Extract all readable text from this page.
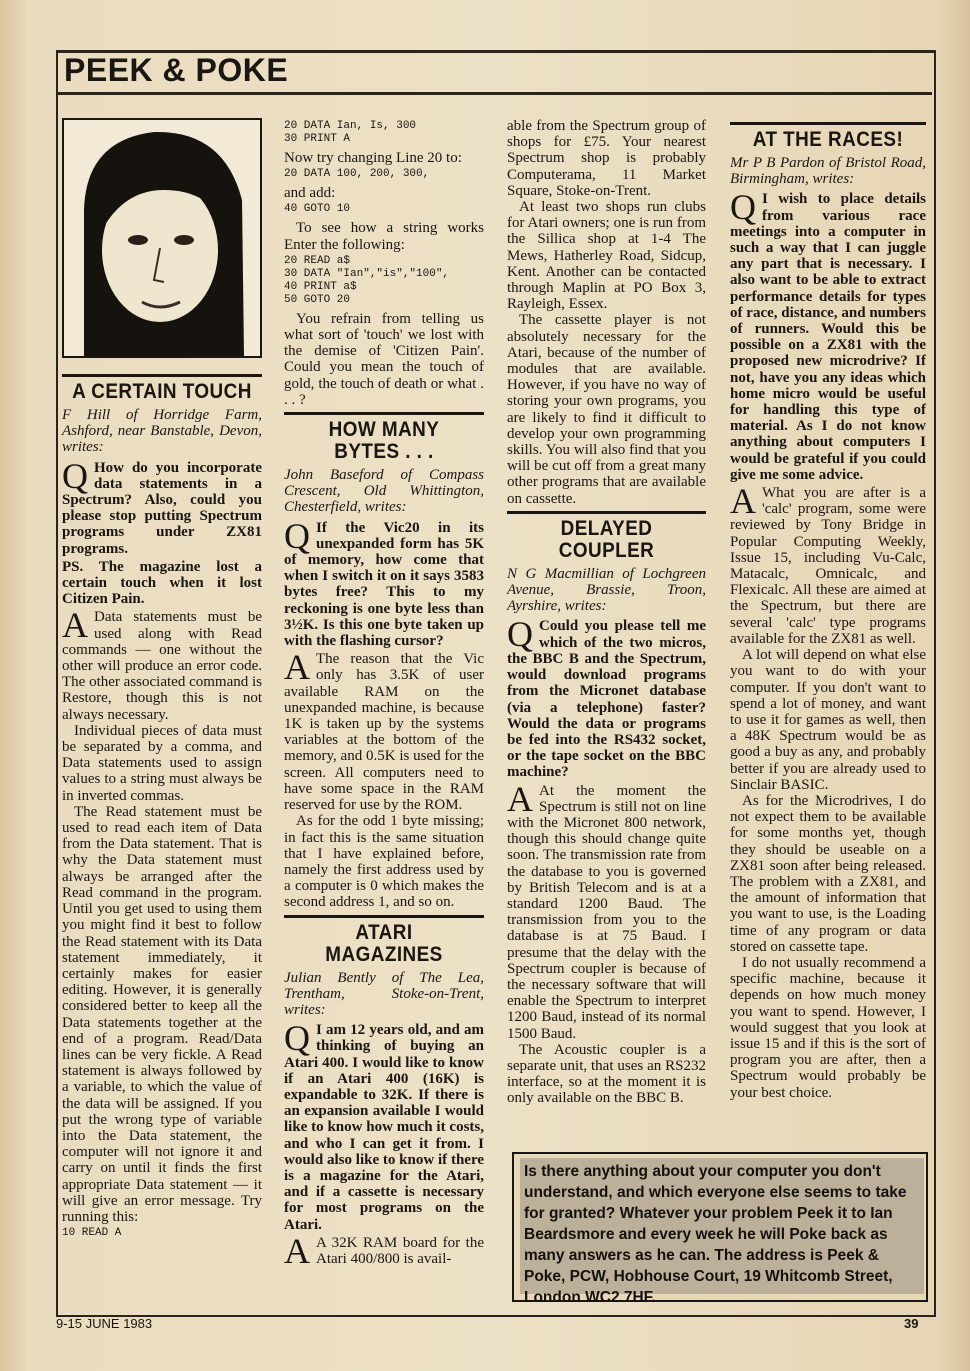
PEEK & POKE
A CERTAIN TOUCH

F Hill of Horridge Farm, Ashford, near Banstable, Devon, writes:

Q How do you incorporate data statements in a Spectrum? Also, could you please stop putting Spectrum programs under ZX81 programs.

PS. The magazine lost a certain touch when it lost Citizen Pain.

A Data statements must be used along with Read commands — one without the other will produce an error code. The other associated command is Restore, though this is not always necessary.

Individual pieces of data must be separated by a comma, and Data statements used to assign values to a string must always be in inverted commas.

The Read statement must be used to read each item of Data from the Data statement. That is why the Data statement must always be arranged after the Read command in the program. Until you get used to using them you might find it best to follow the Read statement with its Data statement immediately, it certainly makes for easier editing. However, it is generally considered better to keep all the Data statements together at the end of a program. Read/Data lines can be very fickle. A Read statement is always followed by a variable, to which the value of the data will be assigned. If you put the wrong type of variable into the Data statement, the computer will not ignore it and carry on until it finds the first appropriate Data statement — it will give an error message. Try running this:

10 READ A
20 DATA Ian, Is, 300
30 PRINT A

Now try changing Line 20 to:

20 DATA 100, 200, 300,

and add:

40 GOTO 10

To see how a string works Enter the following:

20 READ a$
30 DATA "Ian","is","100",
40 PRINT a$
50 GOTO 20

You refrain from telling us what sort of 'touch' we lost with the demise of 'Citizen Pain'. Could you mean the touch of gold, the touch of death or what . . . ?

HOW MANY BYTES . . .

John Baseford of Compass Crescent, Old Whittington, Chesterfield, writes:

Q If the Vic20 in its unexpanded form has 5K of memory, how come that when I switch it on it says 3583 bytes free? This to my reckoning is one byte less than 3½K. Is this one byte taken up with the flashing cursor?

A The reason that the Vic only has 3.5K of user available RAM on the unexpanded machine, is because 1K is taken up by the systems variables at the bottom of the memory, and 0.5K is used for the screen. All computers need to have some space in the RAM reserved for use by the ROM.

As for the odd 1 byte missing; in fact this is the same situation that I have explained before, namely the first address used by a computer is 0 which makes the second address 1, and so on.

ATARI MAGAZINES

Julian Bently of The Lea, Trentham, Stoke-on-Trent, writes:

Q I am 12 years old, and am thinking of buying an Atari 400. I would like to know if an Atari 400 (16K) is expandable to 32K. If there is an expansion available I would like to know how much it costs, and who I can get it from. I would also like to know if there is a magazine for the Atari, and if a cassette is necessary for most programs on the Atari.

A A 32K RAM board for the Atari 400/800 is avail-

able from the Spectrum group of shops for £75. Your nearest Spectrum shop is probably Computerama, 11 Market Square, Stoke-on-Trent.

At least two shops run clubs for Atari owners; one is run from the Sillica shop at 1-4 The Mews, Hatherley Road, Sidcup, Kent. Another can be contacted through Maplin at PO Box 3, Rayleigh, Essex.

The cassette player is not absolutely necessary for the Atari, because of the number of modules that are available. However, if you have no way of storing your own programs, you are likely to find it difficult to develop your own programming skills. You will also find that you will be cut off from a great many other programs that are available on cassette.

DELAYED COUPLER

N G Macmillian of Lochgreen Avenue, Brassie, Troon, Ayrshire, writes:

Q Could you please tell me which of the two micros, the BBC B and the Spectrum, would download programs from the Micronet database (via a telephone) faster? Would the data or programs be fed into the RS432 socket, or the tape socket on the BBC machine?

A At the moment the Spectrum is still not on line with the Micronet 800 network, though this should change quite soon. The transmission rate from the database to you is governed by British Telecom and is at a standard 1200 Baud. The transmission from you to the database is at 75 Baud. I presume that the delay with the Spectrum coupler is because of the necessary software that will enable the Spectrum to interpret 1200 Baud, instead of its normal 1500 Baud.

The Acoustic coupler is a separate unit, that uses an RS232 interface, so at the moment it is only available on the BBC B.

AT THE RACES!

Mr P B Pardon of Bristol Road, Birmingham, writes:

Q I wish to place details from various race meetings into a computer in such a way that I can juggle any part that is necessary. I also want to be able to extract performance details for types of race, distance, and numbers of runners. Would this be possible on a ZX81 with the proposed new microdrive? If not, have you any ideas which home micro would be useful for handling this type of material. As I do not know anything about computers I would be grateful if you could give me some advice.

A What you are after is a 'calc' program, some were reviewed by Tony Bridge in Popular Computing Weekly, Issue 15, including Vu-Calc, Matacalc, Omnicalc, and Flexicalc. All these are aimed at the Spectrum, but there are several 'calc' type programs available for the ZX81 as well.

A lot will depend on what else you want to do with your computer. If you don't want to spend a lot of money, and want to use it for games as well, then a 48K Spectrum would be as good a buy as any, and probably better if you are already used to Sinclair BASIC.

As for the Microdrives, I do not expect them to be available for some months yet, though they should be useable on a ZX81 soon after being released. The problem with a ZX81, and the amount of information that you want to use, is the Loading time of any program or data stored on cassette tape.

I do not usually recommend a specific machine, because it depends on how much money you want to spend. However, I would suggest that you look at issue 15 and if this is the sort of program you are after, then a Spectrum would probably be your best choice.

Is there anything about your computer you don't understand, and which everyone else seems to take for granted? Whatever your problem Peek it to Ian Beardsmore and every week he will Poke back as many answers as he can. The address is Peek & Poke, PCW, Hobhouse Court, 19 Whitcomb Street, London WC2 7HF.
9-15 JUNE 1983	39
